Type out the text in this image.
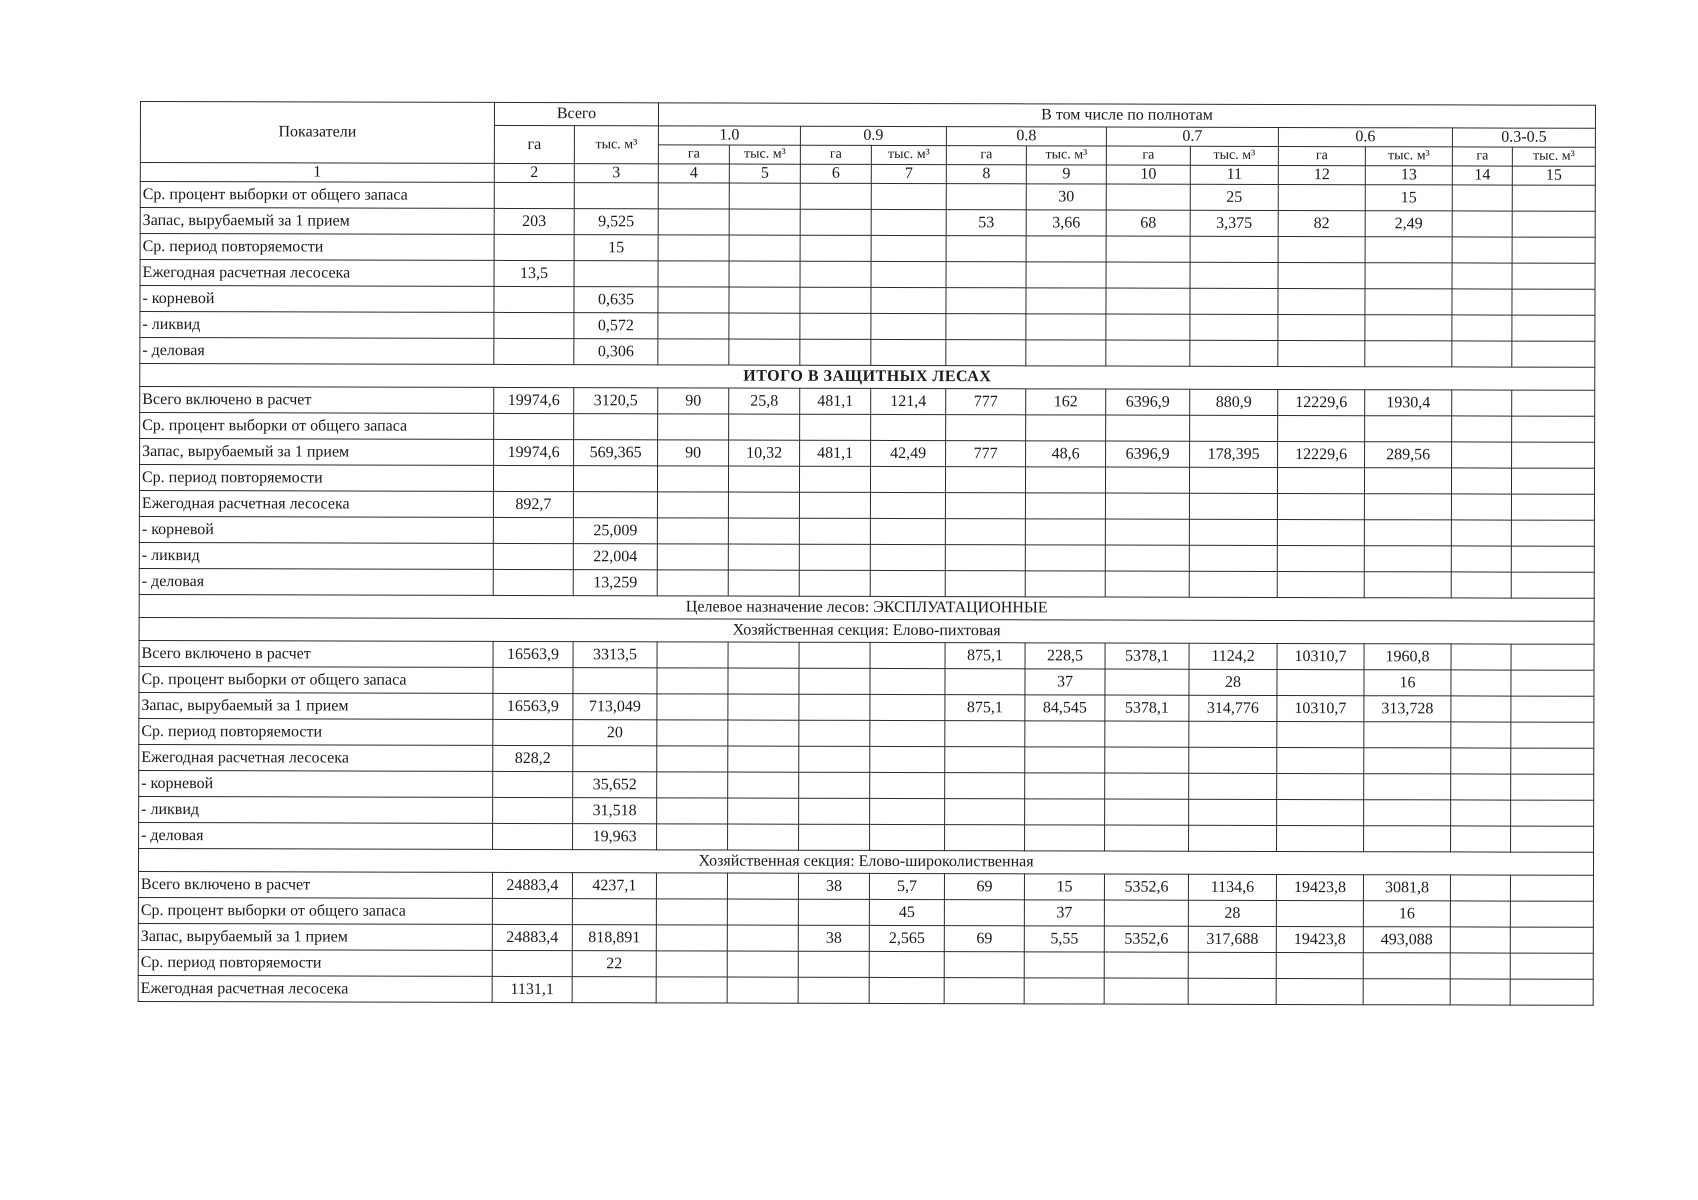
Показатели	Всего		В том числе по полнотам											
	га	тыс. м³	1.0		0.9		0.8		0.7		0.6		0.3-0.5	
			га	тыс. м³	га	тыс. м³	га	тыс. м³	га	тыс. м³	га	тыс. м³	га	тыс. м³
1	2	3	4	5	6	7	8	9	10	11	12	13	14	15
Ср. процент выборки от общего запаса								30		25		15		
Запас, вырубаемый за 1 прием	203	9,525					53	3,66	68	3,375	82	2,49		
Ср. период повторяемости		15												
Ежегодная расчетная лесосека	13,5													
- корневой		0,635												
- ликвид		0,572												
- деловая		0,306												
ИТОГО В ЗАЩИТНЫХ ЛЕСАХ														
Всего включено в расчет	19974,6	3120,5	90	25,8	481,1	121,4	777	162	6396,9	880,9	12229,6	1930,4		
Ср. процент выборки от общего запаса														
Запас, вырубаемый за 1 прием	19974,6	569,365	90	10,32	481,1	42,49	777	48,6	6396,9	178,395	12229,6	289,56		
Ср. период повторяемости														
Ежегодная расчетная лесосека	892,7													
- корневой		25,009												
- ликвид		22,004												
- деловая		13,259												
Целевое назначение лесов: ЭКСПЛУАТАЦИОННЫЕ														
Хозяйственная секция: Елово-пихтовая														
Всего включено в расчет	16563,9	3313,5					875,1	228,5	5378,1	1124,2	10310,7	1960,8		
Ср. процент выборки от общего запаса								37		28		16		
Запас, вырубаемый за 1 прием	16563,9	713,049					875,1	84,545	5378,1	314,776	10310,7	313,728		
Ср. период повторяемости		20												
Ежегодная расчетная лесосека	828,2													
- корневой		35,652												
- ликвид		31,518												
- деловая		19,963												
Хозяйственная секция: Елово-широколиственная														
Всего включено в расчет	24883,4	4237,1			38	5,7	69	15	5352,6	1134,6	19423,8	3081,8		
Ср. процент выборки от общего запаса						45		37		28		16		
Запас, вырубаемый за 1 прием	24883,4	818,891			38	2,565	69	5,55	5352,6	317,688	19423,8	493,088		
Ср. период повторяемости		22												
Ежегодная расчетная лесосека	1131,1													
